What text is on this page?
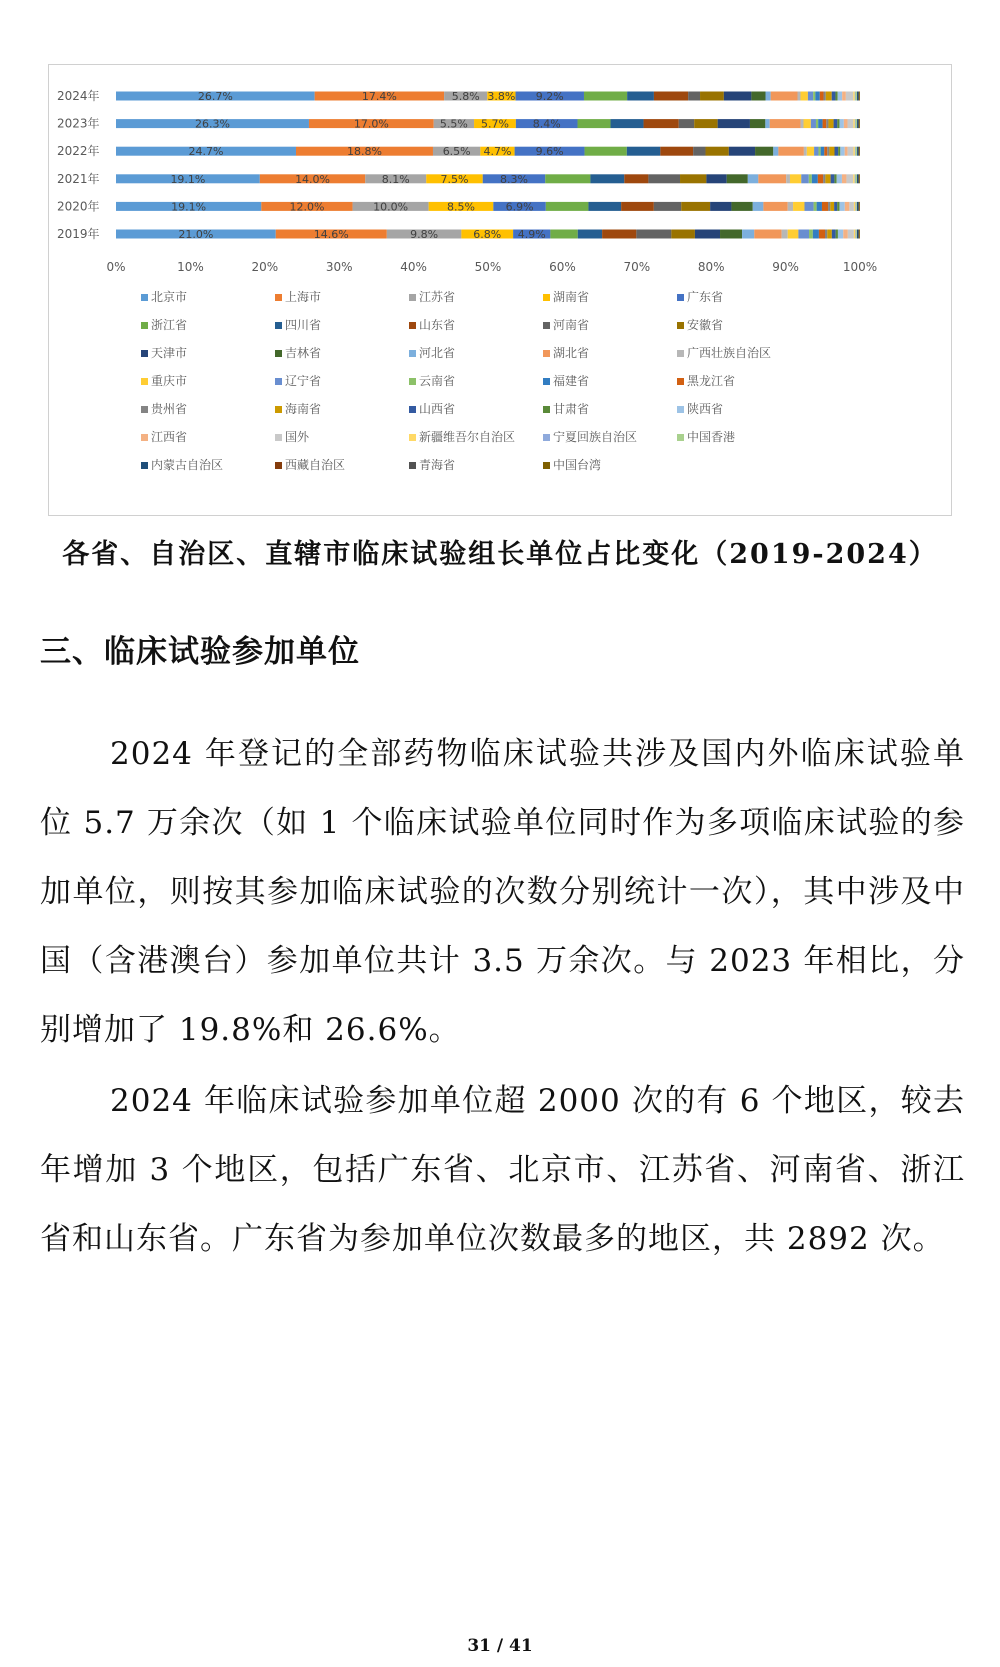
2024年	26.7%	17.4%	5.8% 3.8% 9.2%
2023年	26.3%	17.0%	5.5% 5.7% 8.4%
2022年	24.7%	18.8%	6.5% 4.7% 9.6%
2021年	19.1%	14.0%	8.1%	7.5%	8.3%
2020年	19.1%	12.0%	10.0%	8.5%	6.9%
2019年	21.0%	14.6%	9.8%	6.8% 4.9%
0%	10%	20%	30%	40%	50%	60%	70%	80%	90%	100%
北京市	上海市	江苏省	湖南省	广东省
浙江省	四川省	山东省	河南省	安徽省
天津市	吉林省	河北省	湖北省	广西壮族自治区
重庆市	辽宁省	云南省	福建省	黑龙江省
贵州省	海南省	山西省	甘肃省	陕西省
江西省	国外	新疆维吾尔自治区	宁夏回族自治区	中国香港
内蒙古自治区	西藏自治区	青海省	中国台湾
各省、自治区、直辖市临床试验组长单位占比变化（2019-2024）
三、临床试验参加单位

2024 年登记的全部药物临床试验共涉及国内外临床试验单位 5.7 万余次（如 1 个临床试验单位同时作为多项临床试验的参加单位，则按其参加临床试验的次数分别统计一次），其中涉及中国（含港澳台）参加单位共计 3.5 万余次。与 2023 年相比，分别增加了 19.8%和 26.6%。

2024 年临床试验参加单位超 2000 次的有 6 个地区，较去年增加 3 个地区，包括广东省、北京市、江苏省、河南省、浙江省和山东省。广东省为参加单位次数最多的地区，共 2892 次。

31 / 41
